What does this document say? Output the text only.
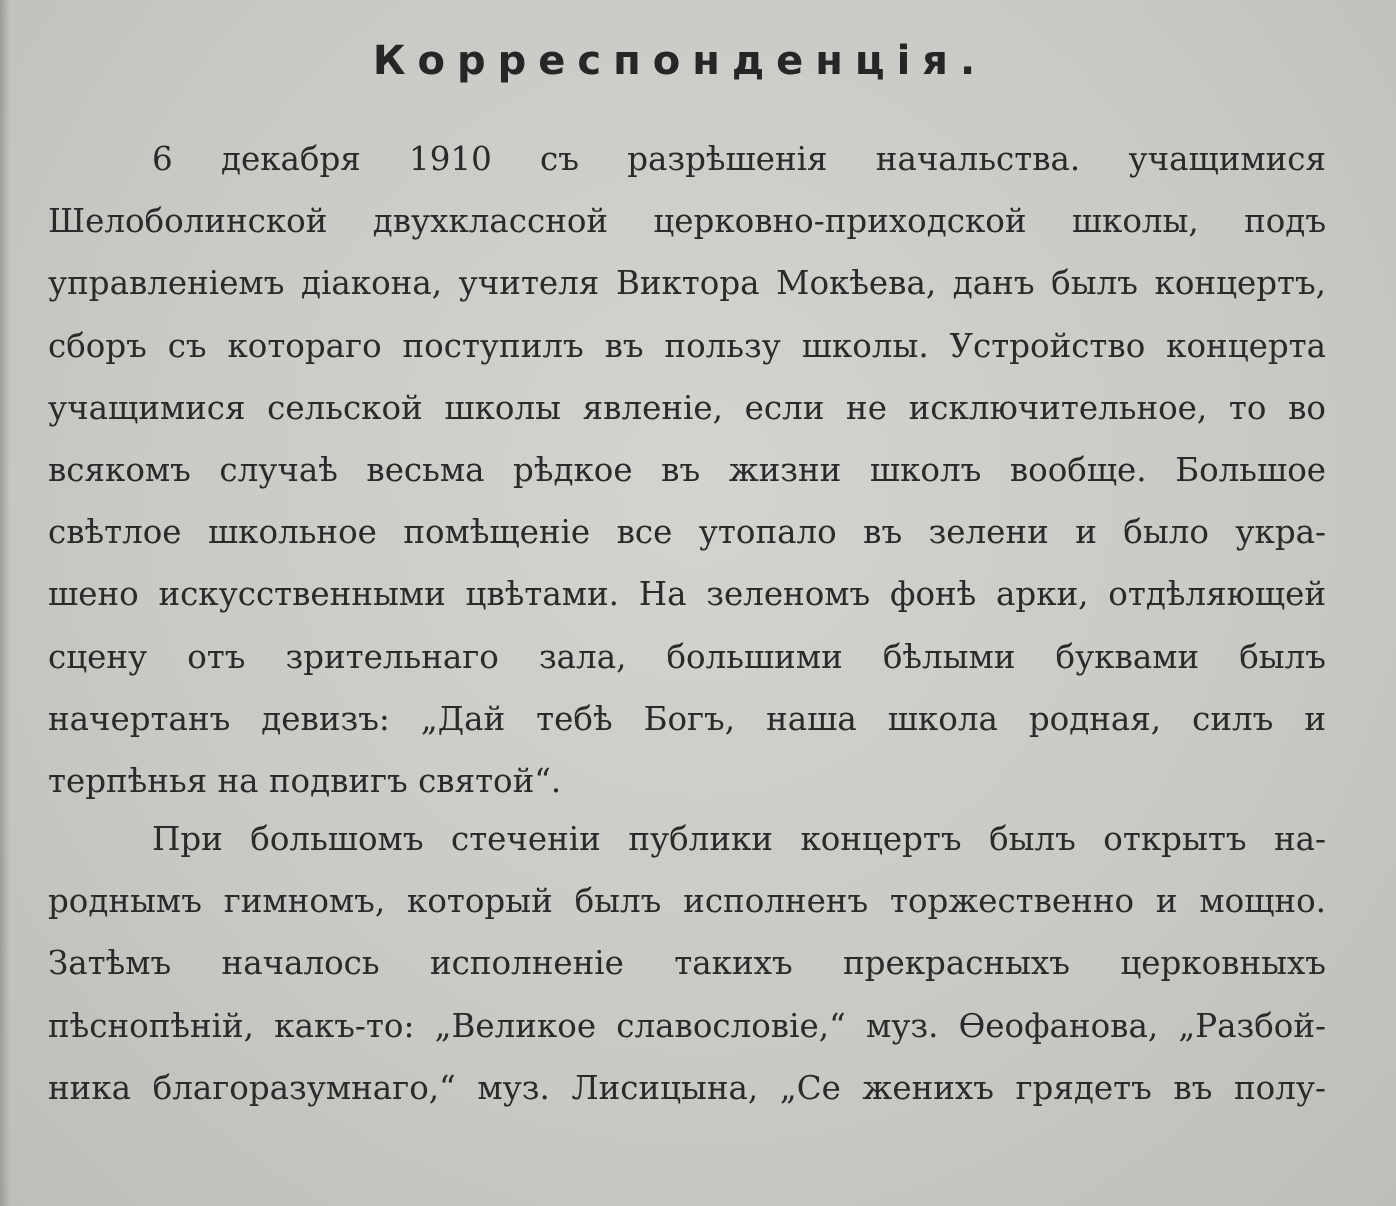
Корреспонденція.
6 декабря 1910 съ разрѣшенія начальства. учащимися
Шелоболинской двухклассной церковно-приходской школы, подъ
управленіемъ діакона, учителя Виктора Мокѣева, данъ былъ концертъ,
сборъ съ котораго поступилъ въ пользу школы. Устройство концерта
учащимися сельской школы явленіе, если не исключительное, то во
всякомъ случаѣ весьма рѣдкое въ жизни школъ вообще. Большое
свѣтлое школьное помѣщеніе все утопало въ зелени и было укра-
шено искусственными цвѣтами. На зеленомъ фонѣ арки, отдѣляющей
сцену отъ зрительнаго зала, большими бѣлыми буквами былъ
начертанъ девизъ: „Дай тебѣ Богъ, наша школа родная, силъ и
терпѣнья на подвигъ святой“.
При большомъ стеченіи публики концертъ былъ открытъ на-
роднымъ гимномъ, который былъ исполненъ торжественно и мощно.
Затѣмъ началось исполненіе такихъ прекрасныхъ церковныхъ
пѣснопѣній, какъ-то: „Великое славословіе,“ муз. Өеофанова, „Разбой-
ника благоразумнаго,“ муз. Лисицына, „Се женихъ грядетъ въ полу-
